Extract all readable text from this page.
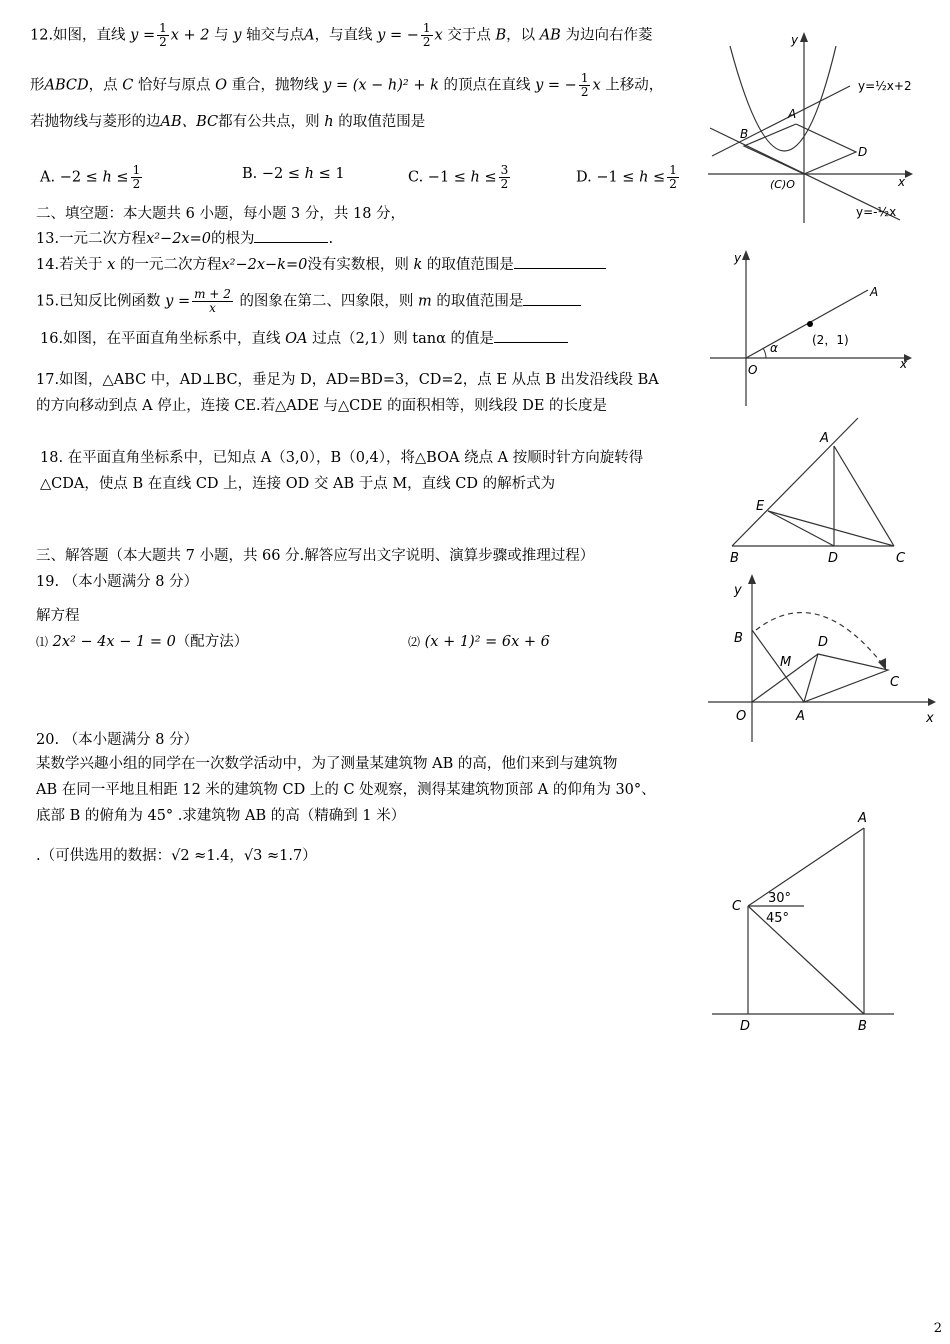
12.如图，直线 $y = \frac{1}{2}$ x + 2 与 y 轴交与点A，与直线 y = − $\frac{1}{2}$ x 交于点 B，以 AB 为边向右作菱
形ABCD，点 C 恰好与原点 O 重合，抛物线 y = (x − h)² + k 的顶点在直线 y = − $\frac{1}{2}$ x 上移动，
若抛物线与菱形的边AB、BC都有公共点，则 h 的取值范围是
A. $-2 \le h \le \frac{1}{2}$	B. −2 ≤ h ≤ 1	C. $-1 \le h \le \frac{3}{2}$	D. $-1 \le h \le \frac{1}{2}$
二、填空题：本大题共 6 小题，每小题 3 分，共 18 分，
13.一元二次方程x²−2x=0的根为	.
14.若关于 x 的一元二次方程x²−2x−k=0没有实数根，则 k 的取值范围是
15.已知反比例函数 $y = \frac{m + 2}{x}$ 的图象在第二、四象限，则 m 的取值范围是
16.如图，在平面直角坐标系中，直线 OA 过点（2,1）则 tanα 的值是
17.如图，△ABC 中，AD⊥BC，垂足为 D，AD=BD=3，CD=2，点 E 从点 B 出发沿线段 BA
的方向移动到点 A 停止，连接 CE.若△ADE 与△CDE 的面积相等，则线段 DE 的长度是
18. 在平面直角坐标系中，已知点 A（3,0），B（0,4），将△BOA 绕点 A 按顺时针方向旋转得
△CDA，使点 B 在直线 CD 上，连接 OD 交 AB 于点 M，直线 CD 的解析式为
三、解答题（本大题共 7 小题，共 66 分.解答应写出文字说明、演算步骤或推理过程）
19. （本小题满分 8 分）
解方程
⑴ 2x² − 4x − 1 = 0（配方法）	⑵ (x + 1)² = 6x + 6
20. （本小题满分 8 分）
某数学兴趣小组的同学在一次数学活动中，为了测量某建筑物 AB 的高，他们来到与建筑物
AB 在同一平地且相距 12 米的建筑物 CD 上的 C 处观察，测得某建筑物顶部 A 的仰角为 30°、
底部 B 的俯角为 45° .求建筑物 AB 的高（精确到 1 米）
.（可供选用的数据：√2 ≈1.4，√3 ≈1.7）
y
x
A
B
D
(C)O
y=½x+2
y=-½x
y
x
O
A
(2，1)
α
A
B	C
D
E
y
x
O	A
B
C
D
M
A
B
C
D
30°
45°
2
